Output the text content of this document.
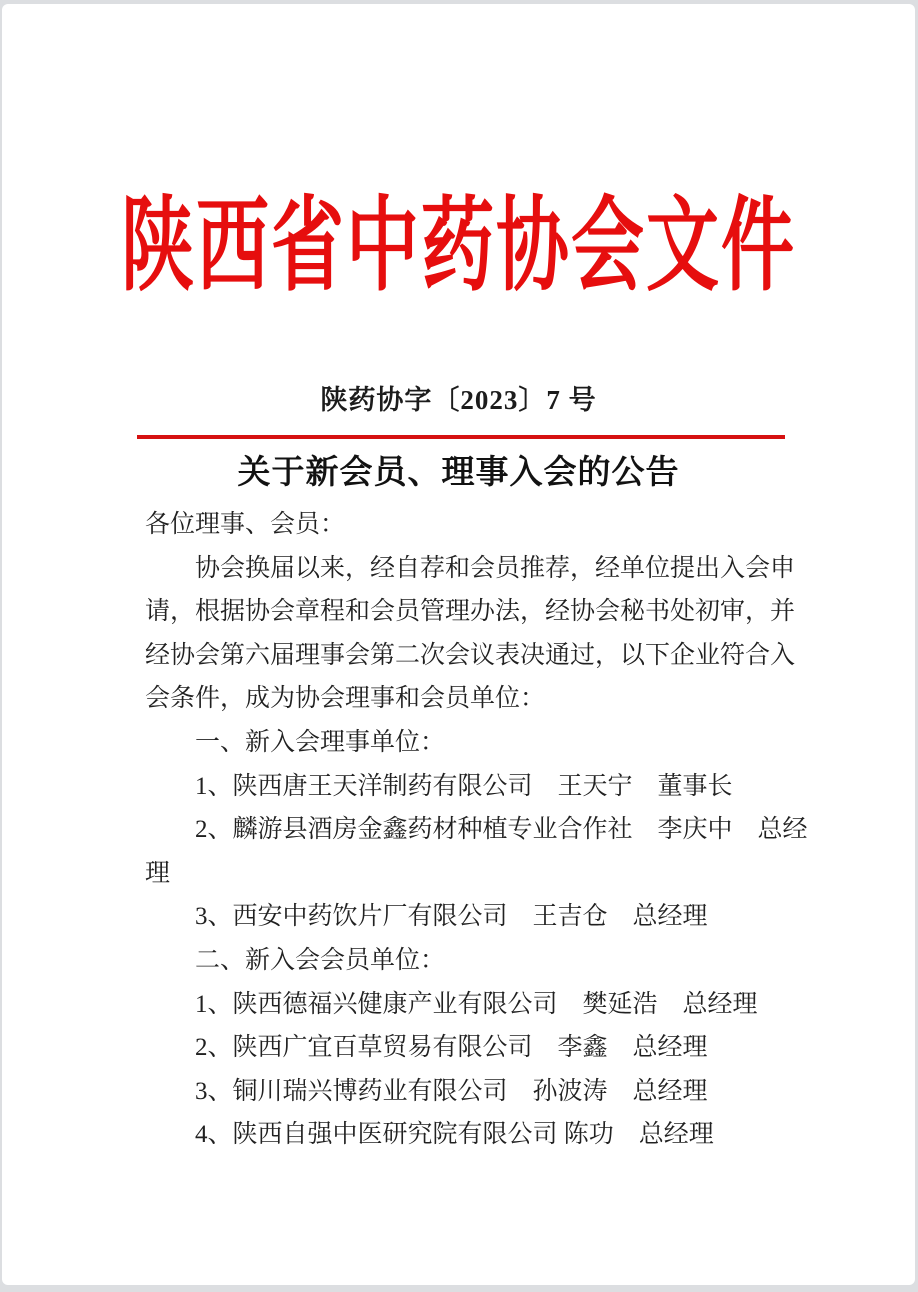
陕西省中药协会文件
陕药协字〔2023〕7 号
关于新会员、理事入会的公告

各位理事、会员：

协会换届以来，经自荐和会员推荐，经单位提出入会申请，根据协会章程和会员管理办法，经协会秘书处初审，并经协会第六届理事会第二次会议表决通过，以下企业符合入会条件，成为协会理事和会员单位：

一、新入会理事单位：

1、陕西唐王天洋制药有限公司　王天宁　董事长

2、麟游县酒房金鑫药材种植专业合作社　李庆中　总经理

3、西安中药饮片厂有限公司　王吉仓　总经理

二、新入会会员单位：

1、陕西德福兴健康产业有限公司　樊延浩　总经理

2、陕西广宜百草贸易有限公司　李鑫　总经理

3、铜川瑞兴博药业有限公司　孙波涛　总经理

4、陕西自强中医研究院有限公司 陈功　总经理
